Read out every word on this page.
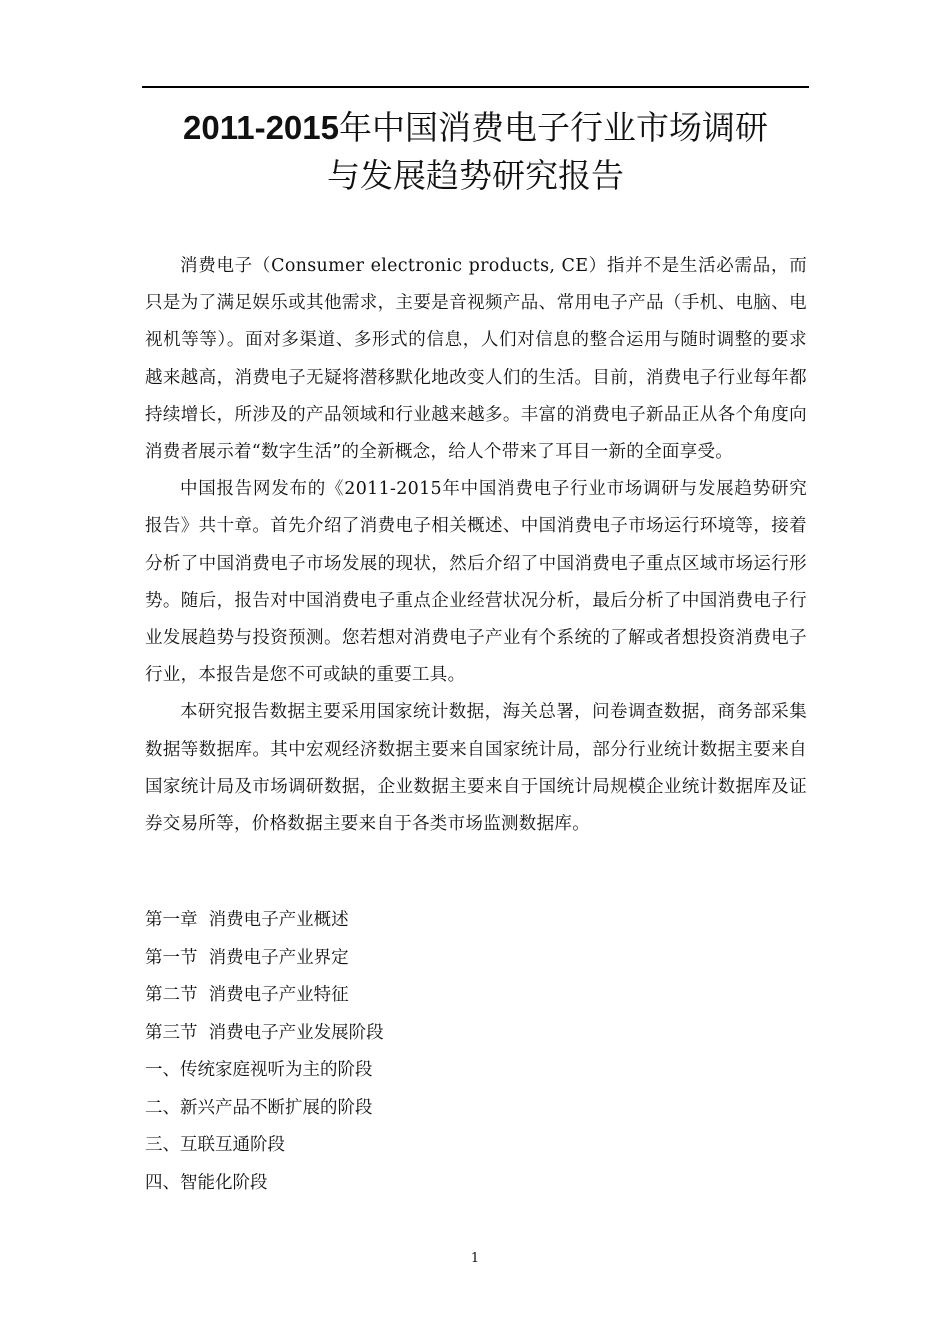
2011-2015年中国消费电子行业市场调研
与发展趋势研究报告

消费电子（Consumer electronic products, CE）指并不是生活必需品，而只是为了满足娱乐或其他需求，主要是音视频产品、常用电子产品（手机、电脑、电视机等等）。面对多渠道、多形式的信息，人们对信息的整合运用与随时调整的要求越来越高，消费电子无疑将潜移默化地改变人们的生活。目前，消费电子行业每年都持续增长，所涉及的产品领域和行业越来越多。丰富的消费电子新品正从各个角度向消费者展示着“数字生活”的全新概念，给人个带来了耳目一新的全面享受。

中国报告网发布的《2011-2015年中国消费电子行业市场调研与发展趋势研究报告》共十章。首先介绍了消费电子相关概述、中国消费电子市场运行环境等，接着分析了中国消费电子市场发展的现状，然后介绍了中国消费电子重点区域市场运行形势。随后，报告对中国消费电子重点企业经营状况分析，最后分析了中国消费电子行业发展趋势与投资预测。您若想对消费电子产业有个系统的了解或者想投资消费电子行业，本报告是您不可或缺的重要工具。

本研究报告数据主要采用国家统计数据，海关总署，问卷调查数据，商务部采集数据等数据库。其中宏观经济数据主要来自国家统计局，部分行业统计数据主要来自国家统计局及市场调研数据，企业数据主要来自于国统计局规模企业统计数据库及证券交易所等，价格数据主要来自于各类市场监测数据库。

第一章  消费电子产业概述

第一节  消费电子产业界定

第二节  消费电子产业特征

第三节  消费电子产业发展阶段

一、传统家庭视听为主的阶段

二、新兴产品不断扩展的阶段

三、互联互通阶段

四、智能化阶段

1
